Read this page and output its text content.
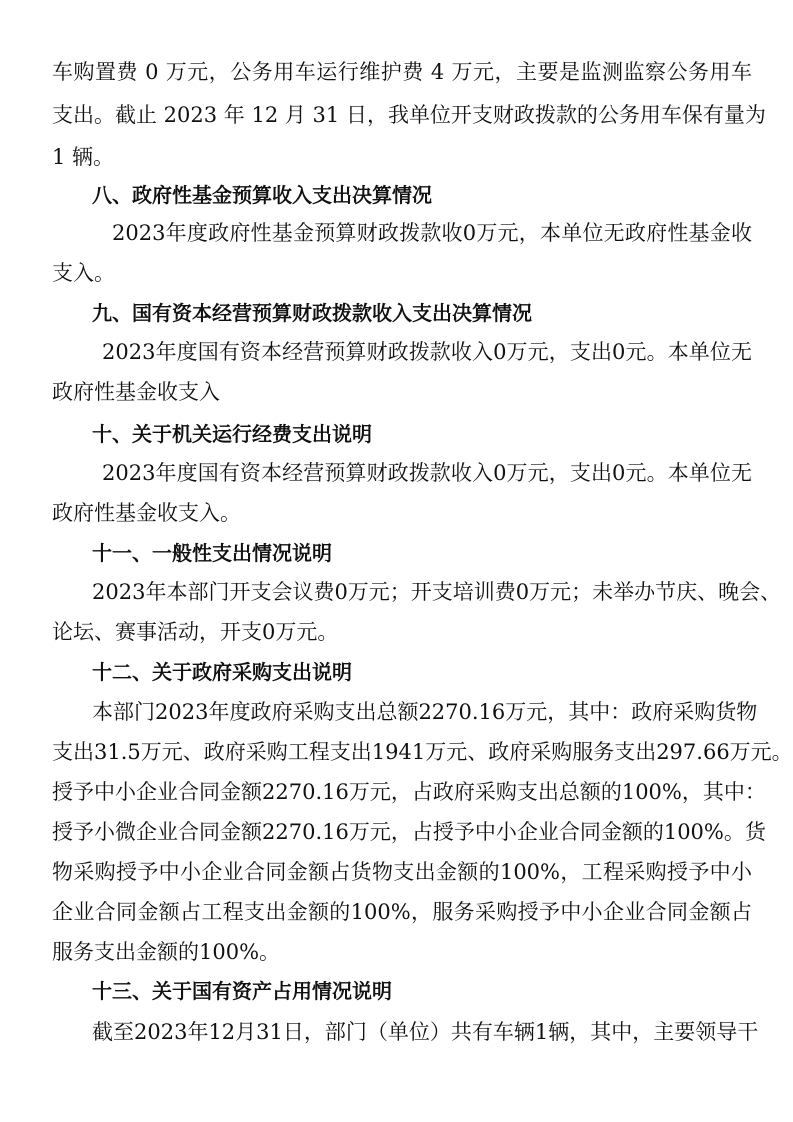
车购置费 0 万元，公务用车运行维护费 4 万元，主要是监测监察公务用车
支出。截止 2023 年 12 月 31 日，我单位开支财政拨款的公务用车保有量为
1 辆。
八、政府性基金预算收入支出决算情况
2023年度政府性基金预算财政拨款收0万元，本单位无政府性基金收
支入。
九、国有资本经营预算财政拨款收入支出决算情况
2023年度国有资本经营预算财政拨款收入0万元，支出0元。本单位无
政府性基金收支入
十、关于机关运行经费支出说明
2023年度国有资本经营预算财政拨款收入0万元，支出0元。本单位无
政府性基金收支入。
十一、一般性支出情况说明
2023年本部门开支会议费0万元；开支培训费0万元；未举办节庆、晚会、
论坛、赛事活动，开支0万元。
十二、关于政府采购支出说明
本部门2023年度政府采购支出总额2270.16万元，其中：政府采购货物
支出31.5万元、政府采购工程支出1941万元、政府采购服务支出297.66万元。
授予中小企业合同金额2270.16万元，占政府采购支出总额的100%，其中：
授予小微企业合同金额2270.16万元，占授予中小企业合同金额的100%。货
物采购授予中小企业合同金额占货物支出金额的100%，工程采购授予中小
企业合同金额占工程支出金额的100%，服务采购授予中小企业合同金额占
服务支出金额的100%。
十三、关于国有资产占用情况说明
截至2023年12月31日，部门（单位）共有车辆1辆，其中，主要领导干
